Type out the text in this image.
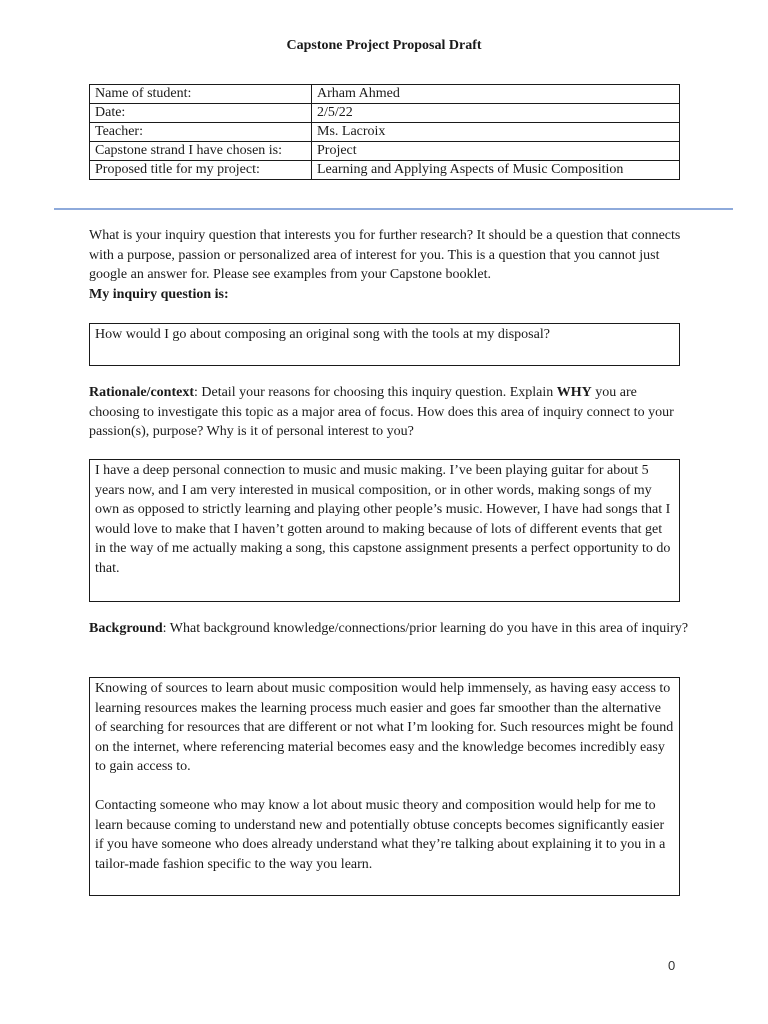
Capstone Project Proposal Draft
Name of student:	Arham Ahmed
Date:	2/5/22
Teacher:	Ms. Lacroix
Capstone strand I have chosen is:	Project
Proposed title for my project:	Learning and Applying Aspects of Music Composition

What is your inquiry question that interests you for further research? It should be a question that connects with a purpose, passion or personalized area of interest for you. This is a question that you cannot just google an answer for. Please see examples from your Capstone booklet.

My inquiry question is:

How would I go about composing an original song with the tools at my disposal?

Rationale/context: Detail your reasons for choosing this inquiry question. Explain WHY you are choosing to investigate this topic as a major area of focus. How does this area of inquiry connect to your passion(s), purpose? Why is it of personal interest to you?

I have a deep personal connection to music and music making. I’ve been playing guitar for about 5 years now, and I am very interested in musical composition, or in other words, making songs of my own as opposed to strictly learning and playing other people’s music. However, I have had songs that I would love to make that I haven’t gotten around to making because of lots of different events that get in the way of me actually making a song, this capstone assignment presents a perfect opportunity to do that.

Background: What background knowledge/connections/prior learning do you have in this area of inquiry?

Knowing of sources to learn about music composition would help immensely, as having easy access to learning resources makes the learning process much easier and goes far smoother than the alternative of searching for resources that are different or not what I’m looking for. Such resources might be found on the internet, where referencing material becomes easy and the knowledge becomes incredibly easy to gain access to.

Contacting someone who may know a lot about music theory and composition would help for me to learn because coming to understand new and potentially obtuse concepts becomes significantly easier if you have someone who does already understand what they’re talking about explaining it to you in a tailor-made fashion specific to the way you learn.

0
